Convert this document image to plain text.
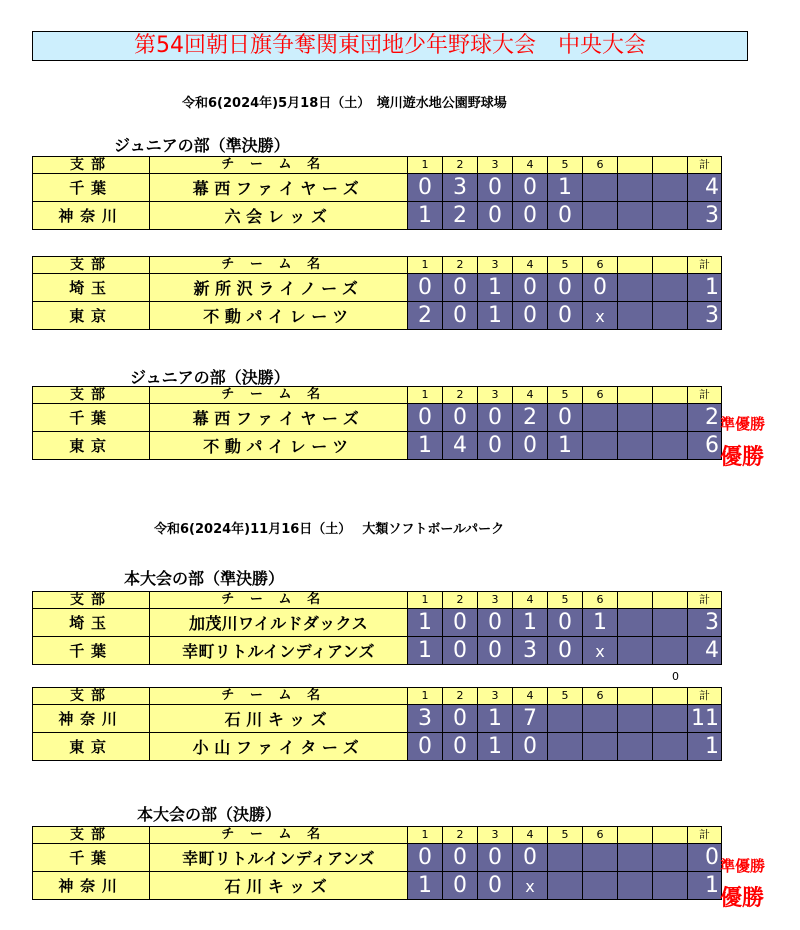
第54回朝日旗争奪関東団地少年野球大会　中央大会
令和6(2024年)5月18日（土）　境川遊水地公園野球場
ジュニアの部（準決勝）
支部	チーム名	1	2	3	4	5	6			計
千葉	幕西ファイヤーズ	0	3	0	0	1				4
神奈川	六会レッズ	1	2	0	0	0				3
支部	チーム名	1	2	3	4	5	6			計
埼玉	新所沢ライノーズ	0	0	1	0	0	0			1
東京	不動パイレーツ	2	0	1	0	0	x			3
ジュニアの部（決勝）
支部	チーム名	1	2	3	4	5	6			計
千葉	幕西ファイヤーズ	0	0	0	2	0				2
東京	不動パイレーツ	1	4	0	0	1				6
準優勝
優勝
令和6(2024年)11月16日（土）　 大類ソフトボールパーク
本大会の部（準決勝）
支部	チーム名	1	2	3	4	5	6			計
埼玉	加茂川ワイルドダックス	1	0	0	1	0	1			3
千葉	幸町リトルインディアンズ	1	0	0	3	0	x			4
0
支部	チーム名	1	2	3	4	5	6			計
神奈川	石川キッズ	3	0	1	7					11
東京	小山ファイターズ	0	0	1	0					1
本大会の部（決勝）
支部	チーム名	1	2	3	4	5	6			計
千葉	幸町リトルインディアンズ	0	0	0	0					0
神奈川	石川キッズ	1	0	0	x					1
準優勝
優勝
